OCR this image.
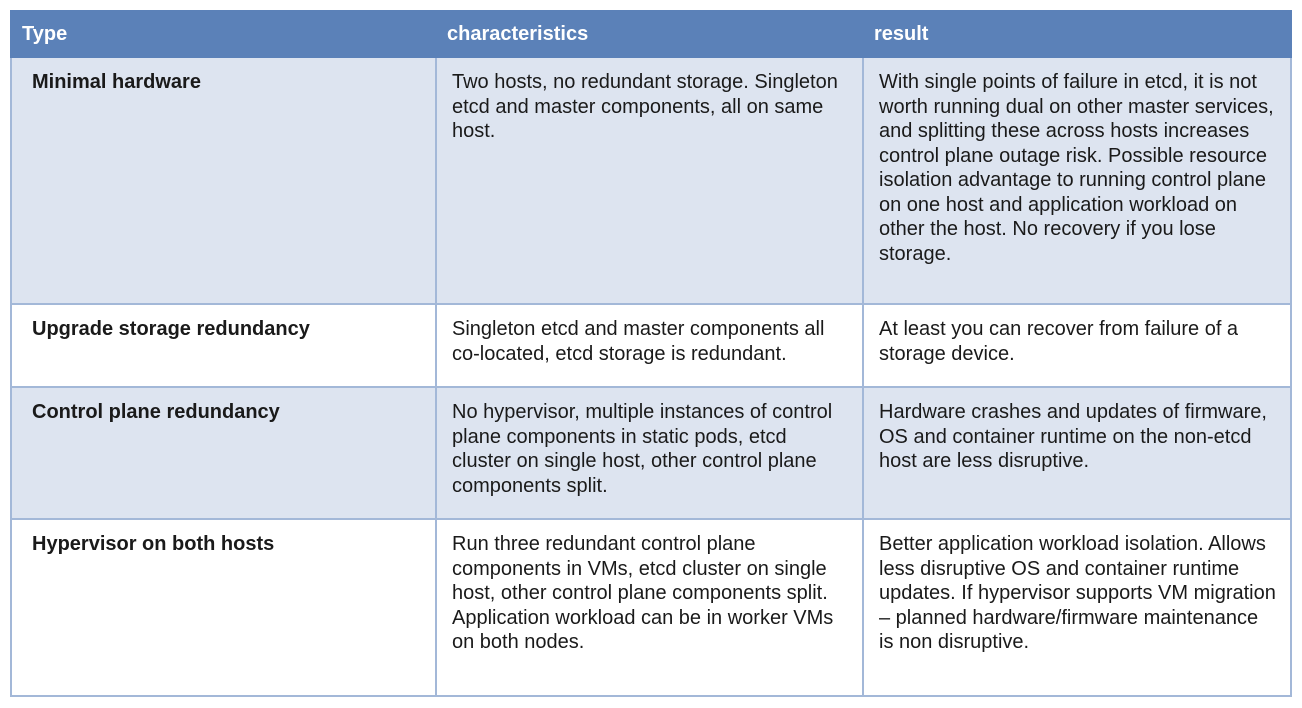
Type	characteristics	result
Minimal hardware	Two hosts, no redundant storage. Singleton etcd and master components, all on same host.	With single points of failure in etcd, it is not worth running dual on other master services, and splitting these across hosts increases control plane outage risk. Possible resource isolation advantage to running control plane on one host and application workload on other the host. No recovery if you lose storage.
Upgrade storage redundancy	Singleton etcd and master components all co-located, etcd storage is redundant.	At least you can recover from failure of a storage device.
Control plane redundancy	No hypervisor, multiple instances of control plane components in static pods, etcd cluster on single host, other control plane components split.	Hardware crashes and updates of firmware, OS and container runtime on the non-etcd host are less disruptive.
Hypervisor on both hosts	Run three redundant control plane components in VMs, etcd cluster on single host, other control plane components split. Application workload can be in worker VMs on both nodes.	Better application workload isolation. Allows less disruptive OS and container runtime updates. If hypervisor supports VM migration – planned hardware/firmware maintenance is non disruptive.
